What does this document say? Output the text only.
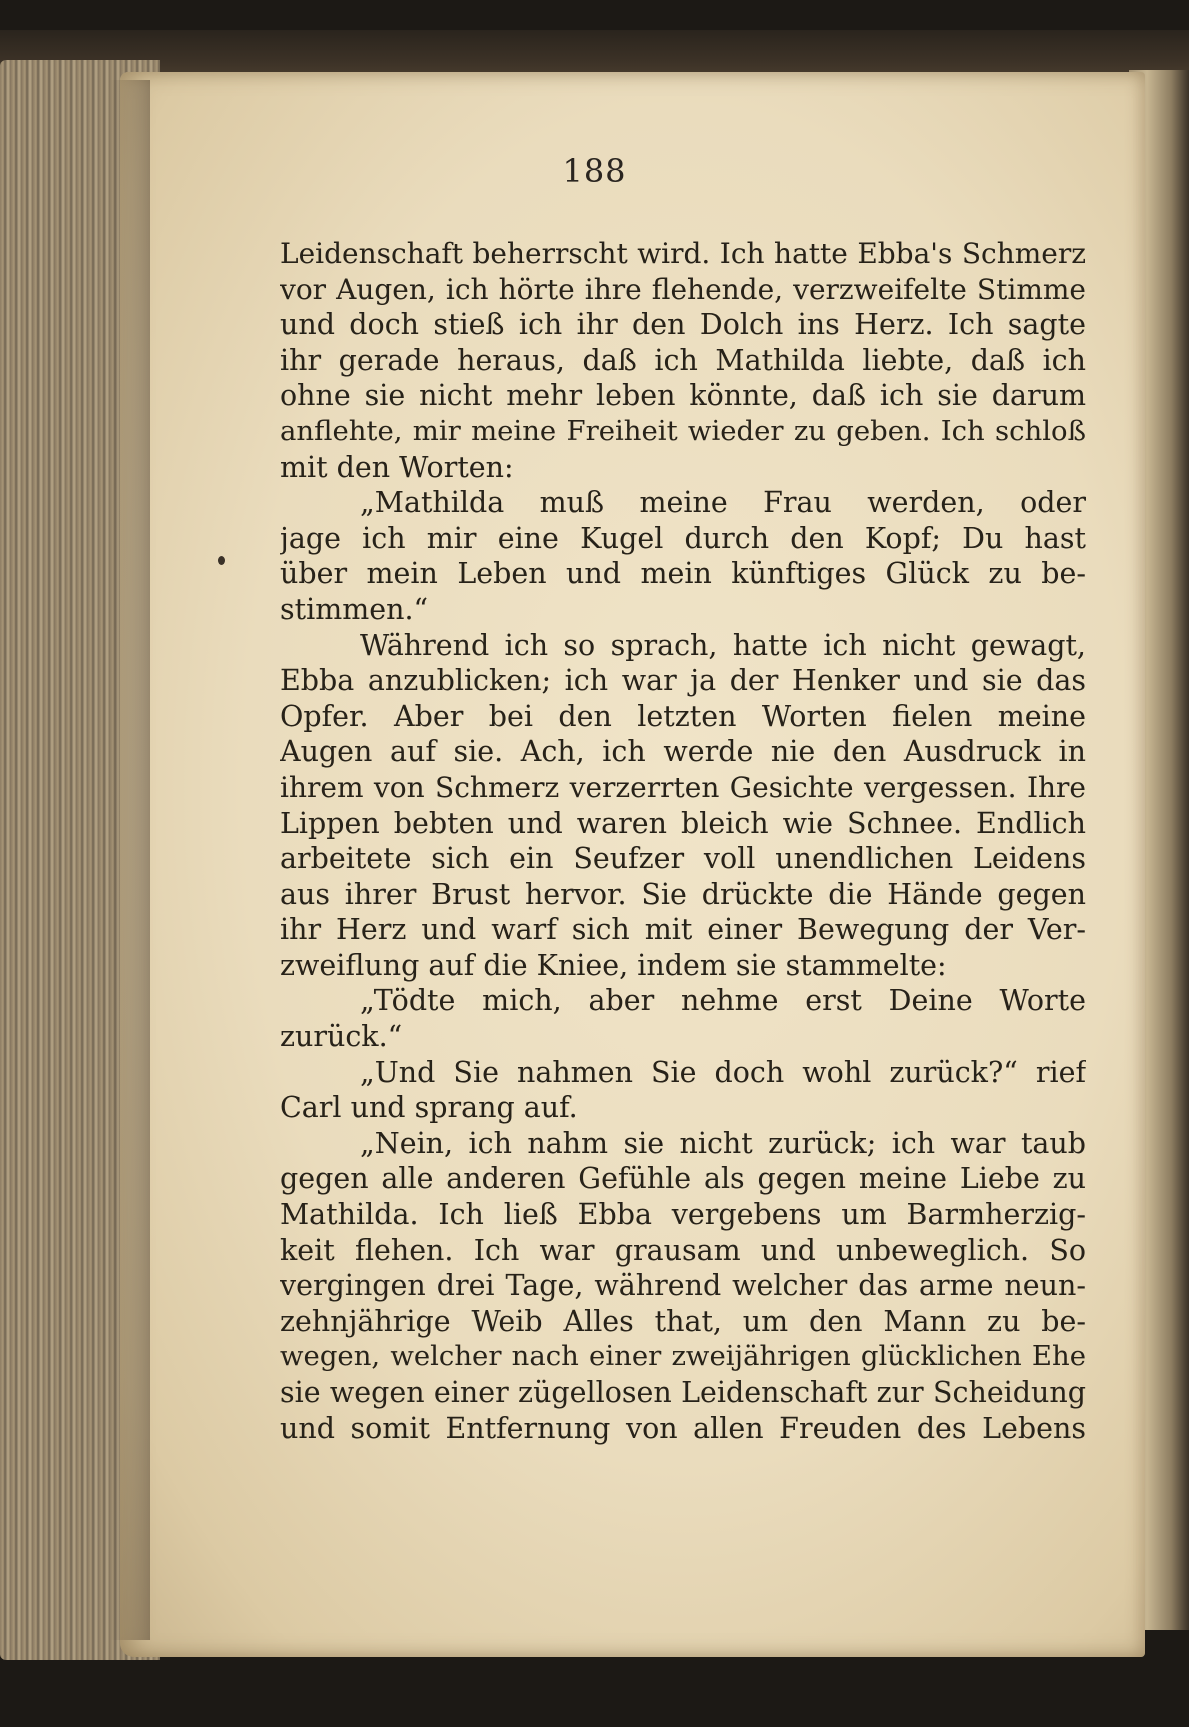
188
Leidenschaft beherrscht wird. Ich hatte Ebba's Schmerz
vor Augen, ich hörte ihre flehende, verzweifelte Stimme
und doch stieß ich ihr den Dolch ins Herz. Ich sagte
ihr gerade heraus, daß ich Mathilda liebte, daß ich
ohne sie nicht mehr leben könnte, daß ich sie darum
anflehte, mir meine Freiheit wieder zu geben. Ich schloß
mit den Worten:
„Mathilda muß meine Frau werden, oder
jage ich mir eine Kugel durch den Kopf; Du hast
über mein Leben und mein künftiges Glück zu be-
stimmen.“
Während ich so sprach, hatte ich nicht gewagt,
Ebba anzublicken; ich war ja der Henker und sie das
Opfer. Aber bei den letzten Worten fielen meine
Augen auf sie. Ach, ich werde nie den Ausdruck in
ihrem von Schmerz verzerrten Gesichte vergessen. Ihre
Lippen bebten und waren bleich wie Schnee. Endlich
arbeitete sich ein Seufzer voll unendlichen Leidens
aus ihrer Brust hervor. Sie drückte die Hände gegen
ihr Herz und warf sich mit einer Bewegung der Ver-
zweiflung auf die Kniee, indem sie stammelte:
„Tödte mich, aber nehme erst Deine Worte
zurück.“
„Und Sie nahmen Sie doch wohl zurück?“ rief
Carl und sprang auf.
„Nein, ich nahm sie nicht zurück; ich war taub
gegen alle anderen Gefühle als gegen meine Liebe zu
Mathilda. Ich ließ Ebba vergebens um Barmherzig-
keit flehen. Ich war grausam und unbeweglich. So
vergingen drei Tage, während welcher das arme neun-
zehnjährige Weib Alles that, um den Mann zu be-
wegen, welcher nach einer zweijährigen glücklichen Ehe
sie wegen einer zügellosen Leidenschaft zur Scheidung
und somit Entfernung von allen Freuden des Lebens
